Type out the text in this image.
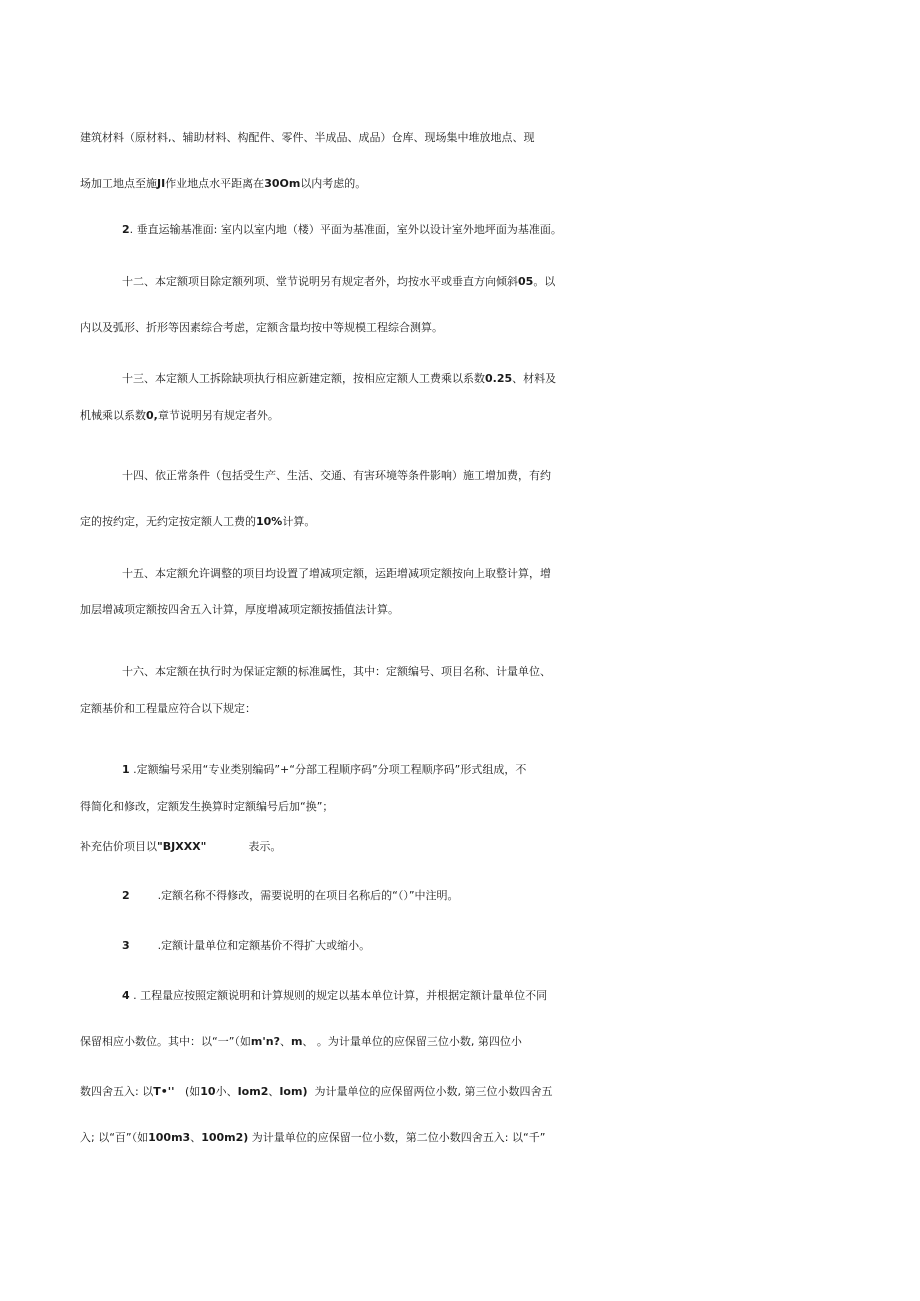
建筑材料（原材料,、辅助材料、构配件、零件、半成品、成品）仓库、现场集中堆放地点、现
场加工地点至施JI作业地点水平距离在30Om以内考虑的。
2. 垂直运输基准面: 室内以室内地（楼）平面为基准面，室外以设计室外地坪面为基准面。
十二、本定额项目除定额列项、堂节说明另有规定者外，均按水平或垂直方向倾斜05。以
内以及弧形、折形等因素综合考虑，定额含量均按中等规模工程综合测算。
十三、本定额人工拆除缺项执行相应新建定额，按相应定额人工费乘以系数0.25、材料及
机械乘以系数0,章节说明另有规定者外。
十四、依正常条件（包括受生产、生活、交通、有害环境等条件影响）施工增加费，有约
定的按约定，无约定按定额人工费的10%计算。
十五、本定额允许调整的项目均设置了增减项定额，运距增减项定额按向上取整计算，增
加层增减项定额按四舍五入计算，厚度增减项定额按插值法计算。
十六、本定额在执行时为保证定额的标准属性，其中：定额编号、项目名称、计量单位、
定额基价和工程量应符合以下规定：
1 .定额编号采用“专业类别编码”+“分部工程顺序码”分项工程顺序码”形式组成，不
得简化和修改，定额发生换算时定额编号后加“换”；
补充估价项目以"BJXXX"            表示。
2        .定额名称不得修改，需要说明的在项目名称后的“（）”中注明。
3        .定额计量单位和定额基价不得扩大或缩小。
4 . 工程量应按照定额说明和计算规则的规定以基本单位计算，并根据定额计量单位不同
保留相应小数位。其中：以“一”（如m'n?、m、 。为计量单位的应保留三位小数, 第四位小
数四舍五入: 以T•''   (如10小、Iom2、Iom)  为计量单位的应保留两位小数, 第三位小数四舍五
入; 以“百”（如100m3、100m2) 为计量单位的应保留一位小数，第二位小数四舍五入: 以“千”
